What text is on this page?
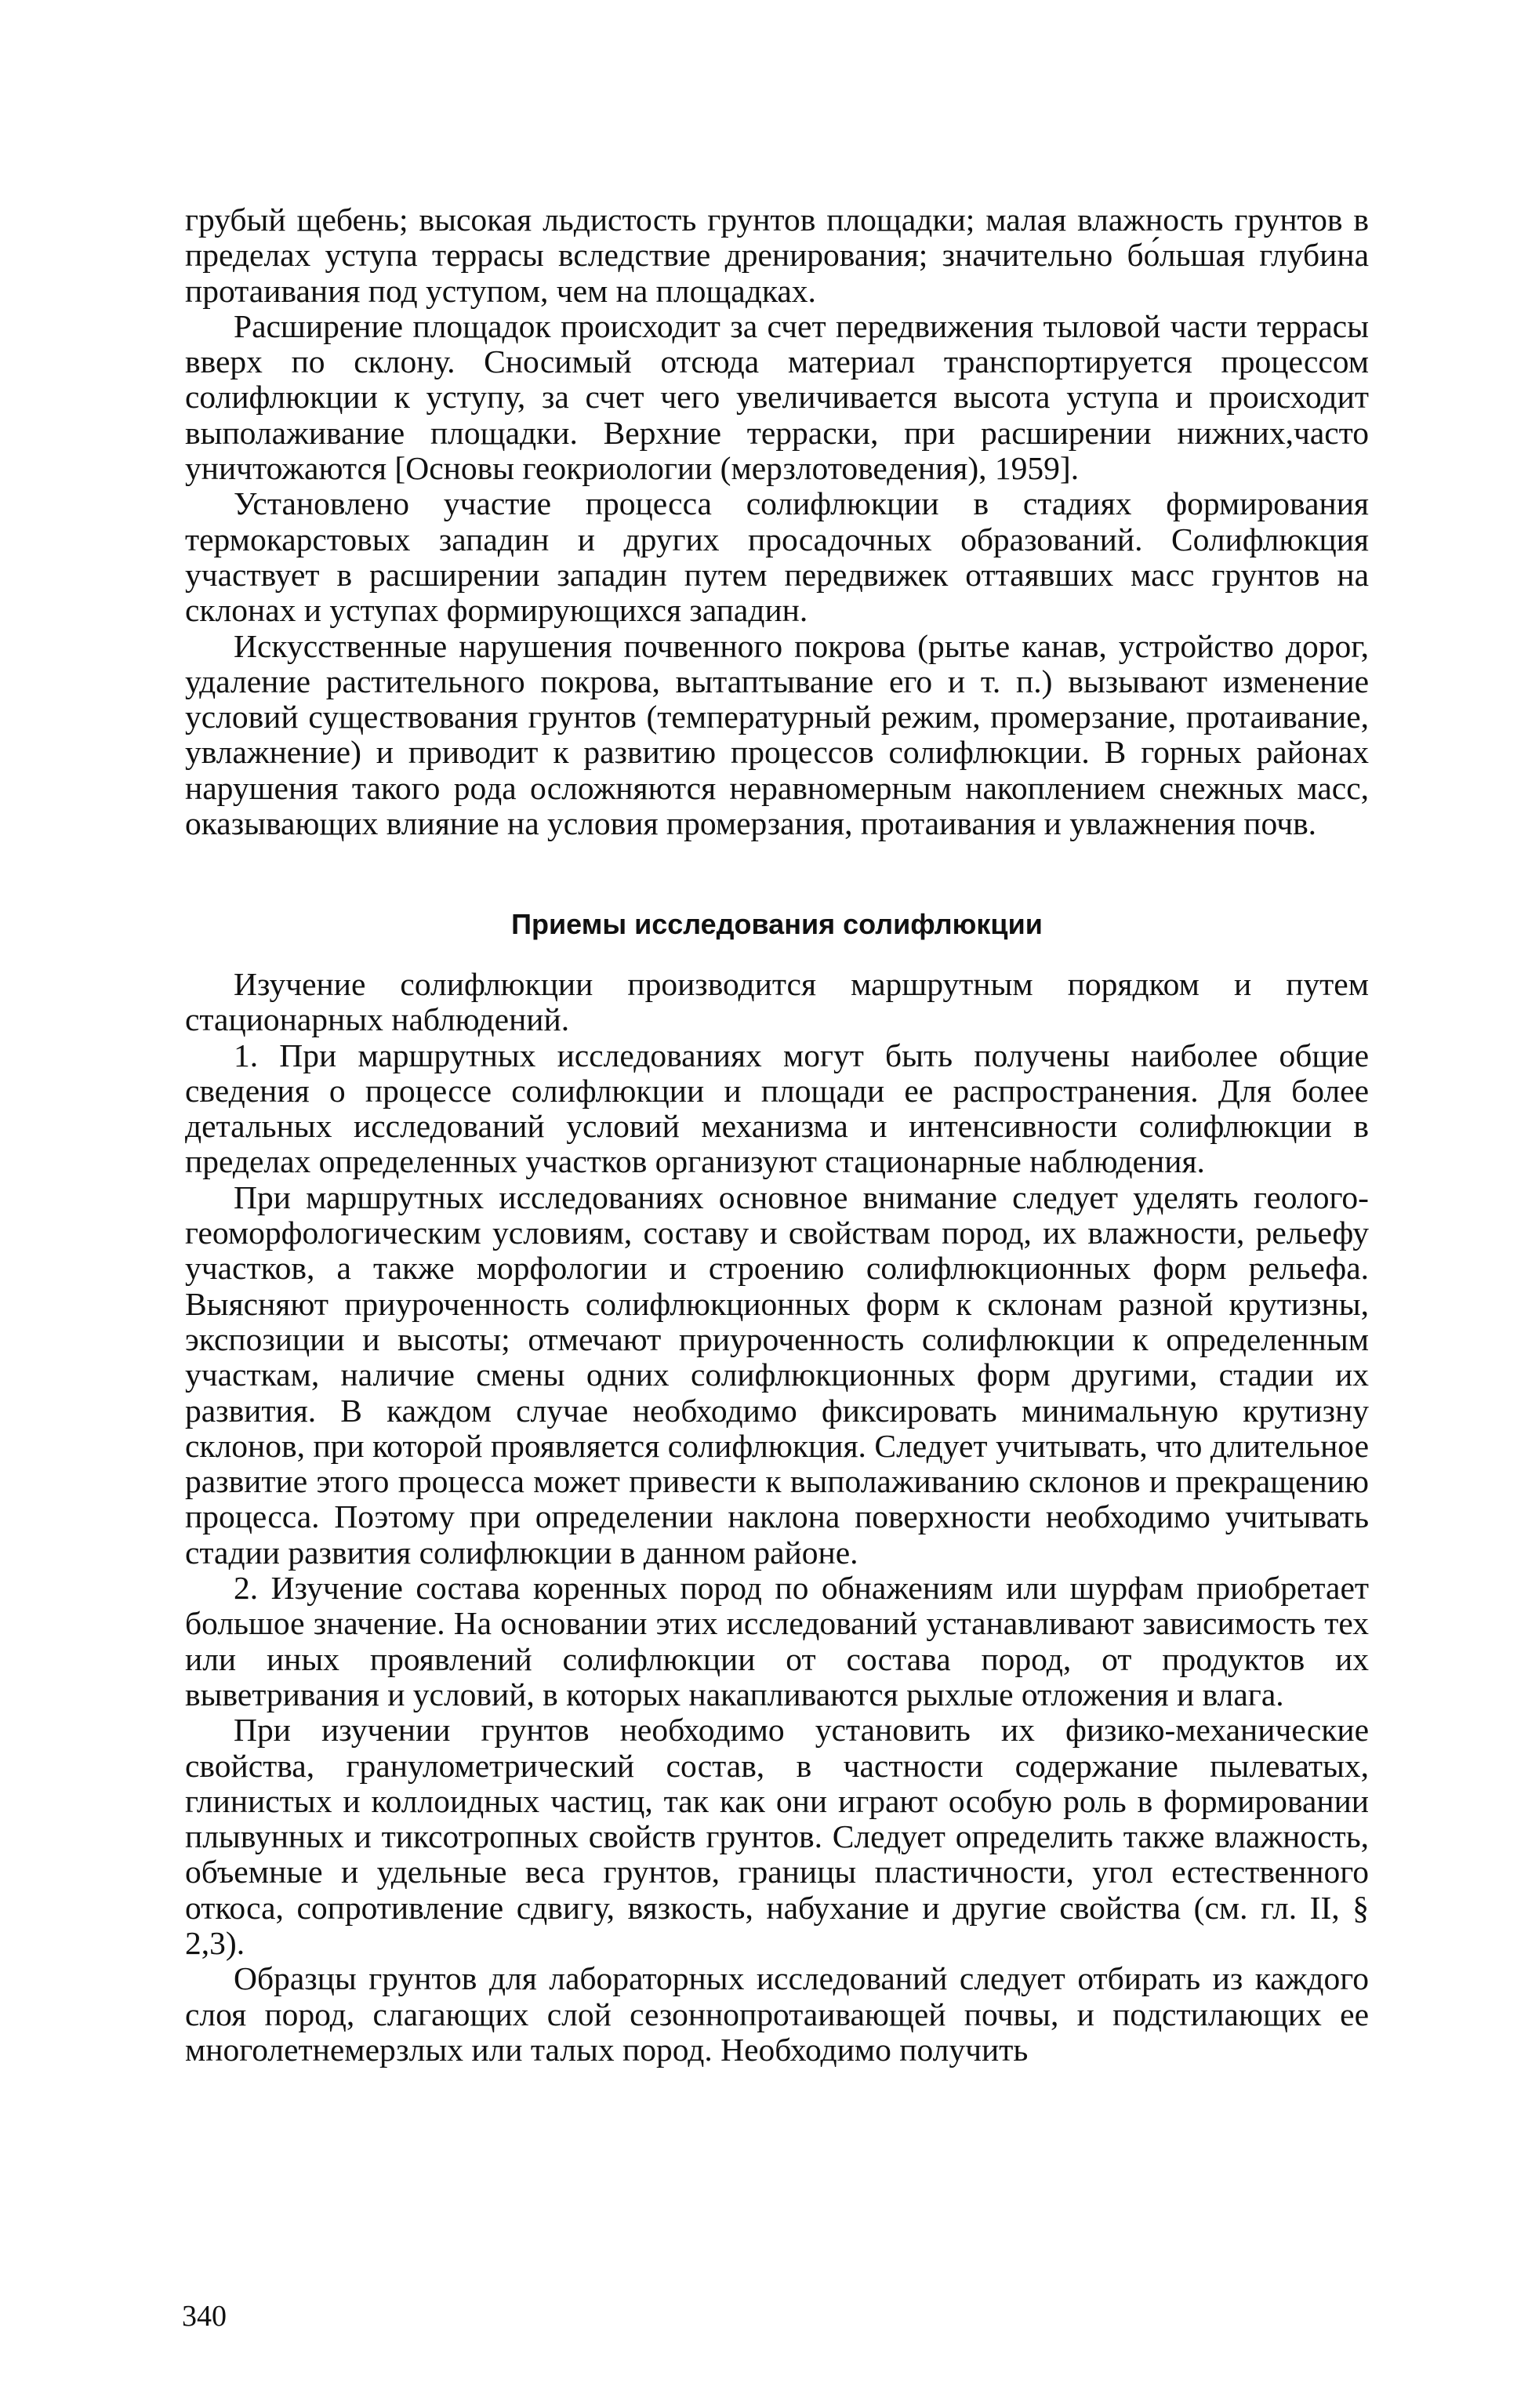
грубый щебень; высокая льдистость грунтов площадки; малая влажность грунтов в пределах уступа террасы вследствие дренирования; значительно бо́льшая глубина протаивания под уступом, чем на площадках.

Расширение площадок происходит за счет передвижения тыловой части террасы вверх по склону. Сносимый отсюда материал транспортируется процессом солифлюкции к уступу, за счет чего увеличивается высота уступа и происходит выполаживание площадки. Верхние терраски, при расширении нижних,часто уничтожаются [Основы геокриологии (мерзлотоведения), 1959].

Установлено участие процесса солифлюкции в стадиях формирования термокарстовых западин и других просадочных образований. Солифлюкция участвует в расширении западин путем передвижек оттаявших масс грунтов на склонах и уступах формирующихся западин.

Искусственные нарушения почвенного покрова (рытье канав, устройство дорог, удаление растительного покрова, вытаптывание его и т. п.) вызывают изменение условий существования грунтов (температурный режим, промерзание, протаивание, увлажнение) и приводит к развитию процессов солифлюкции. В горных районах нарушения такого рода осложняются неравномерным накоплением снежных масс, оказывающих влияние на условия промерзания, протаивания и увлажнения почв.

Приемы исследования солифлюкции

Изучение солифлюкции производится маршрутным порядком и путем стационарных наблюдений.

1. При маршрутных исследованиях могут быть получены наиболее общие сведения о процессе солифлюкции и площади ее распространения. Для более детальных исследований условий механизма и интенсивности солифлюкции в пределах определенных участков организуют стационарные наблюдения.

При маршрутных исследованиях основное внимание следует уделять геолого-геоморфологическим условиям, составу и свойствам пород, их влажности, рельефу участков, а также морфологии и строению солифлюкционных форм рельефа. Выясняют приуроченность солифлюкционных форм к склонам разной крутизны, экспозиции и высоты; отмечают приуроченность солифлюкции к определенным участкам, наличие смены одних солифлюкционных форм другими, стадии их развития. В каждом случае необходимо фиксировать минимальную крутизну склонов, при которой проявляется солифлюкция. Следует учитывать, что длительное развитие этого процесса может привести к выполаживанию склонов и прекращению процесса. Поэтому при определении наклона поверхности необходимо учитывать стадии развития солифлюкции в данном районе.

2. Изучение состава коренных пород по обнажениям или шурфам приобретает большое значение. На основании этих исследований устанавливают зависимость тех или иных проявлений солифлюкции от состава пород, от продуктов их выветривания и условий, в которых накапливаются рыхлые отложения и влага.

При изучении грунтов необходимо установить их физико-механические свойства, гранулометрический состав, в частности содержание пылеватых, глинистых и коллоидных частиц, так как они играют особую роль в формировании плывунных и тиксотропных свойств грунтов. Следует определить также влажность, объемные и удельные веса грунтов, границы пластичности, угол естественного откоса, сопротивление сдвигу, вязкость, набухание и другие свойства (см. гл. II, § 2,3).

Образцы грунтов для лабораторных исследований следует отбирать из каждого слоя пород, слагающих слой сезоннопротаивающей почвы, и подстилающих ее многолетнемерзлых или талых пород. Необходимо получить

340
